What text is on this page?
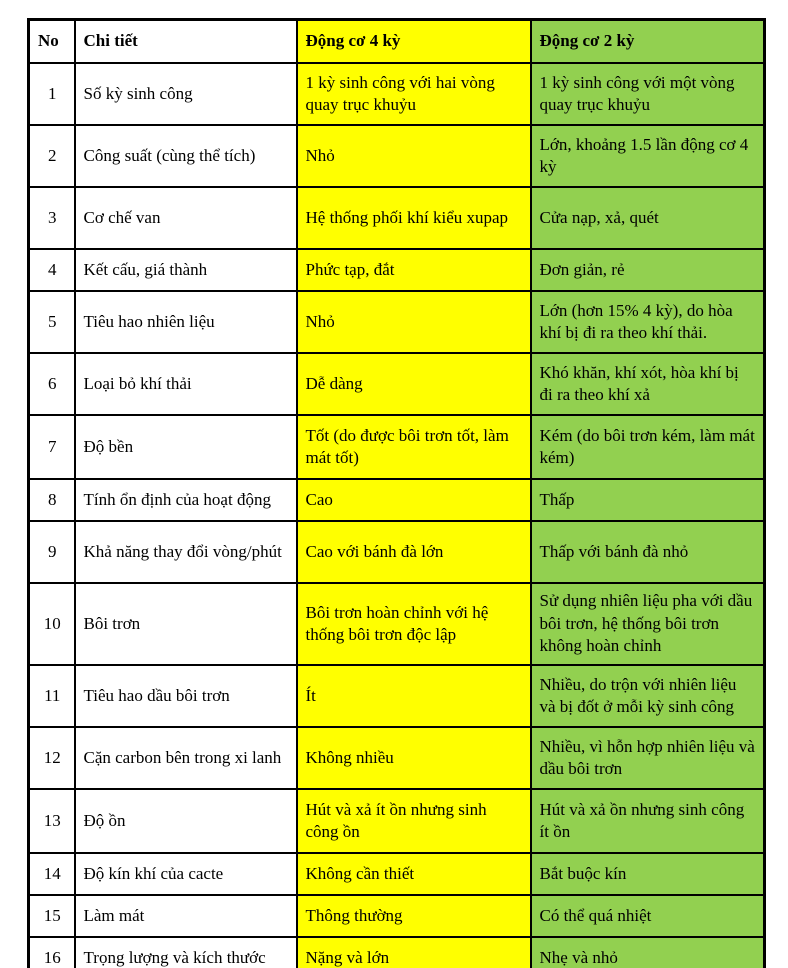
No	Chi tiết	Động cơ 4 kỳ	Động cơ 2 kỳ
1	Số kỳ sinh công	1 kỳ sinh công với hai vòng quay trục khuỷu	1 kỳ sinh công với một vòng quay trục khuỷu
2	Công suất (cùng thể tích)	Nhỏ	Lớn, khoảng 1.5 lần động cơ 4 kỳ
3	Cơ chế van	Hệ thống phối khí kiểu xupap	Cửa nạp, xả, quét
4	Kết cấu, giá thành	Phức tạp, đắt	Đơn giản, rẻ
5	Tiêu hao nhiên liệu	Nhỏ	Lớn (hơn 15% 4 kỳ), do hòa khí bị đi ra theo khí thải.
6	Loại bỏ khí thải	Dễ dàng	Khó khăn, khí xót, hòa khí bị đi ra theo khí xả
7	Độ bền	Tốt (do được bôi trơn tốt, làm mát tốt)	Kém (do bôi trơn kém, làm mát kém)
8	Tính ổn định của hoạt động	Cao	Thấp
9	Khả năng thay đổi vòng/phút	Cao với bánh đà lớn	Thấp với bánh đà nhỏ
10	Bôi trơn	Bôi trơn hoàn chỉnh với hệ thống bôi trơn độc lập	Sử dụng nhiên liệu pha với dầu bôi trơn, hệ thống bôi trơn không hoàn chỉnh
11	Tiêu hao dầu bôi trơn	Ít	Nhiều, do trộn với nhiên liệu và bị đốt ở mỗi kỳ sinh công
12	Cặn carbon bên trong xi lanh	Không nhiều	Nhiều, vì hỗn hợp nhiên liệu và dầu bôi trơn
13	Độ ồn	Hút và xả ít ồn nhưng sinh công ồn	Hút và xả ồn nhưng sinh công ít ồn
14	Độ kín khí của cacte	Không cần thiết	Bắt buộc kín
15	Làm mát	Thông thường	Có thể quá nhiệt
16	Trọng lượng và kích thước	Nặng và lớn	Nhẹ và nhỏ
